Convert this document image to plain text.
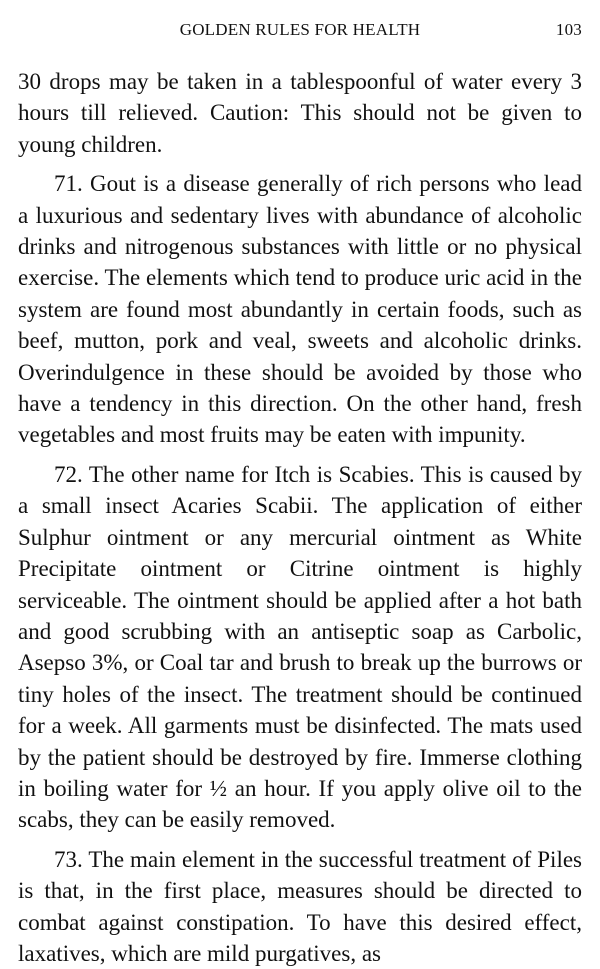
GOLDEN RULES FOR HEALTH	103

30 drops may be taken in a tablespoonful of water every 3 hours till relieved. Caution: This should not be given to young children.

71. Gout is a disease generally of rich persons who lead a luxurious and sedentary lives with abundance of alcoholic drinks and nitrogenous substances with little or no physical exercise. The elements which tend to produce uric acid in the system are found most abundantly in certain foods, such as beef, mutton, pork and veal, sweets and alcoholic drinks. Overindulgence in these should be avoided by those who have a tendency in this direction. On the other hand, fresh vegetables and most fruits may be eaten with impunity.

72. The other name for Itch is Scabies. This is caused by a small insect Acaries Scabii. The application of either Sulphur ointment or any mercurial ointment as White Precipitate ointment or Citrine ointment is highly serviceable. The ointment should be applied after a hot bath and good scrubbing with an antiseptic soap as Carbolic, Asepso 3%, or Coal tar and brush to break up the burrows or tiny holes of the insect. The treatment should be continued for a week. All garments must be disinfected. The mats used by the patient should be destroyed by fire. Immerse clothing in boiling water for ½ an hour. If you apply olive oil to the scabs, they can be easily removed.

73. The main element in the successful treatment of Piles is that, in the first place, measures should be directed to combat against constipation. To have this desired effect, laxatives, which are mild purgatives, as
